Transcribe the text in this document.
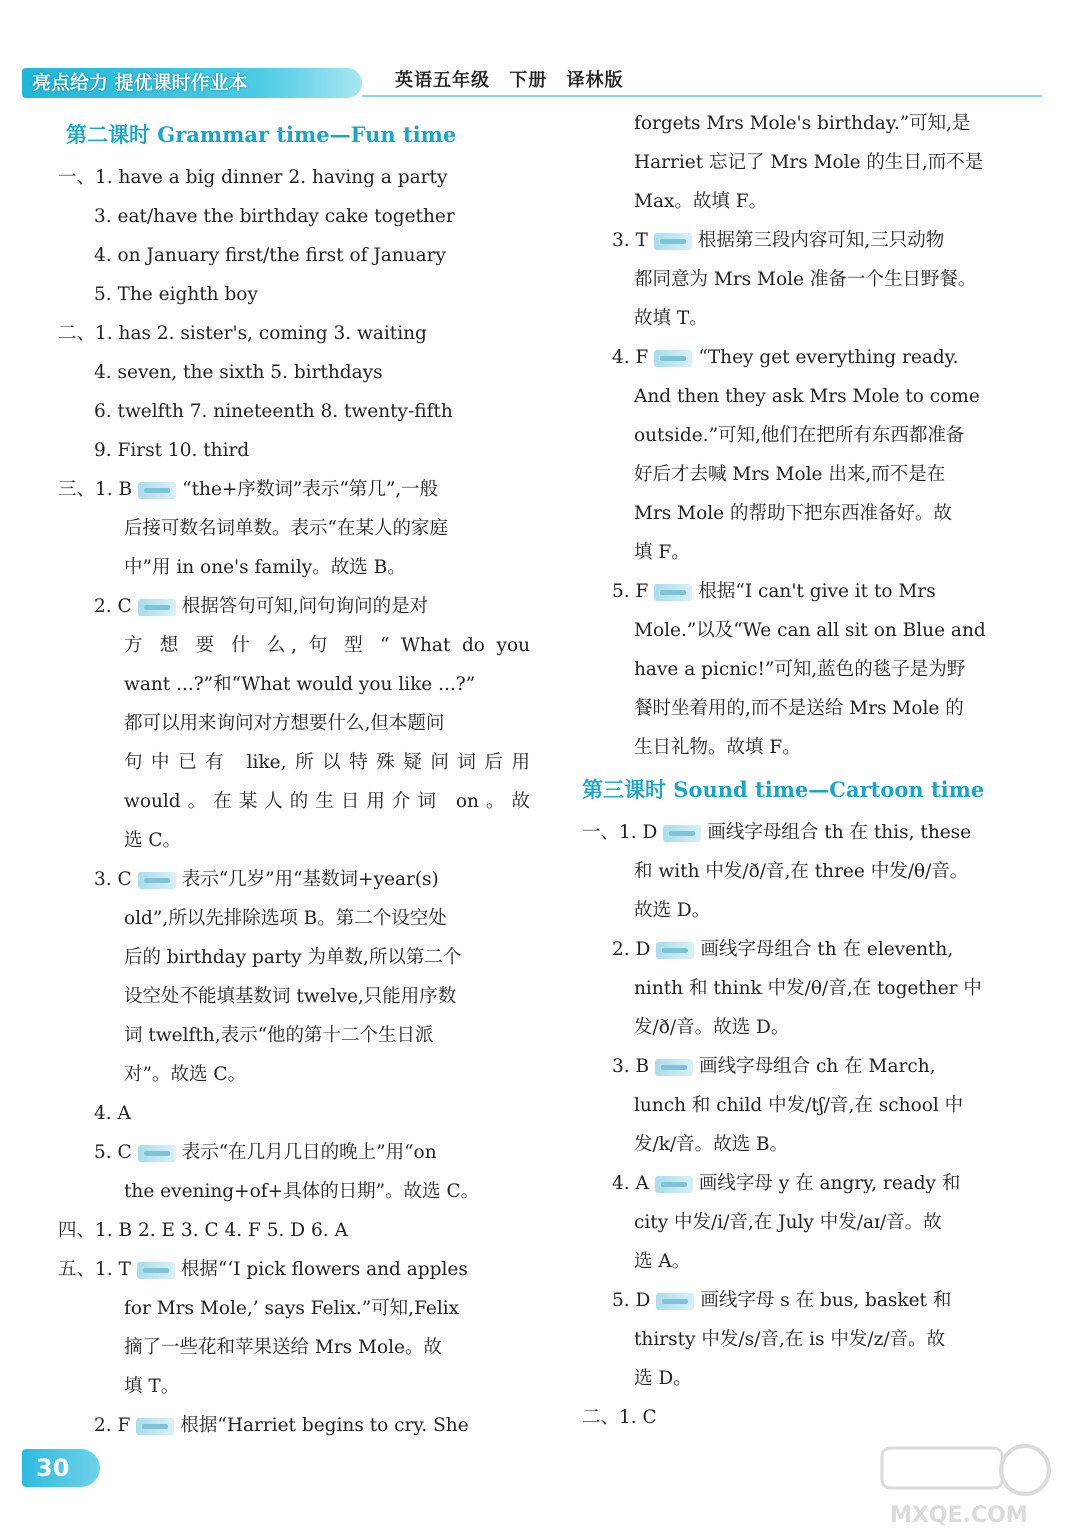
亮点给力 提优课时作业本	英语五年级 下册 译林版
第二课时 Grammar time—Fun time
一、1. have a big dinner 2. having a party
3. eat/have the birthday cake together
4. on January first/the first of January
5. The eighth boy
二、1. has 2. sister's, coming 3. waiting
4. seven, the sixth 5. birthdays
6. twelfth 7. nineteenth 8. twenty-fifth
9. First 10. third
三、1. B	“the+序数词”表示“第几”,一般
后接可数名词单数。表示“在某人的家庭
中”用 in one's family。故选 B。
2. C	根据答句可知,问句询问的是对
方 想 要 什 么, 句 型 “ What do you
want ...?”和“What would you like ...?”
都可以用来询问对方想要什么,但本题问
句中已有 like,所以特殊疑问词后用
would。在某人的生日用介词 on。故
选 C。
3. C	表示“几岁”用“基数词+year(s)
old”,所以先排除选项 B。第二个设空处
后的 birthday party 为单数,所以第二个
设空处不能填基数词 twelve,只能用序数
词 twelfth,表示“他的第十二个生日派
对”。故选 C。
4. A
5. C	表示“在几月几日的晚上”用“on
the evening+of+具体的日期”。故选 C。
四、1. B 2. E 3. C 4. F 5. D 6. A
五、1. T	根据“‘I pick flowers and apples
for Mrs Mole,’ says Felix.”可知,Felix
摘了一些花和苹果送给 Mrs Mole。故
填 T。
2. F	根据“Harriet begins to cry. She
forgets Mrs Mole's birthday.”可知,是
Harriet 忘记了 Mrs Mole 的生日,而不是
Max。故填 F。
3. T	根据第三段内容可知,三只动物
都同意为 Mrs Mole 准备一个生日野餐。
故填 T。
4. F	“They get everything ready.
And then they ask Mrs Mole to come
outside.”可知,他们在把所有东西都准备
好后才去喊 Mrs Mole 出来,而不是在
Mrs Mole 的帮助下把东西准备好。故
填 F。
5. F	根据“I can't give it to Mrs
Mole.”以及“We can all sit on Blue and
have a picnic!”可知,蓝色的毯子是为野
餐时坐着用的,而不是送给 Mrs Mole 的
生日礼物。故填 F。
第三课时 Sound time—Cartoon time
一、1. D	画线字母组合 th 在 this, these
和 with 中发/ð/音,在 three 中发/θ/音。
故选 D。
2. D	画线字母组合 th 在 eleventh,
ninth 和 think 中发/θ/音,在 together 中
发/ð/音。故选 D。
3. B	画线字母组合 ch 在 March,
lunch 和 child 中发/tʃ/音,在 school 中
发/k/音。故选 B。
4. A	画线字母 y 在 angry, ready 和
city 中发/i/音,在 July 中发/aɪ/音。故
选 A。
5. D	画线字母 s 在 bus, basket 和
thirsty 中发/s/音,在 is 中发/z/音。故
选 D。
二、1. C
30
MXQE.COM
